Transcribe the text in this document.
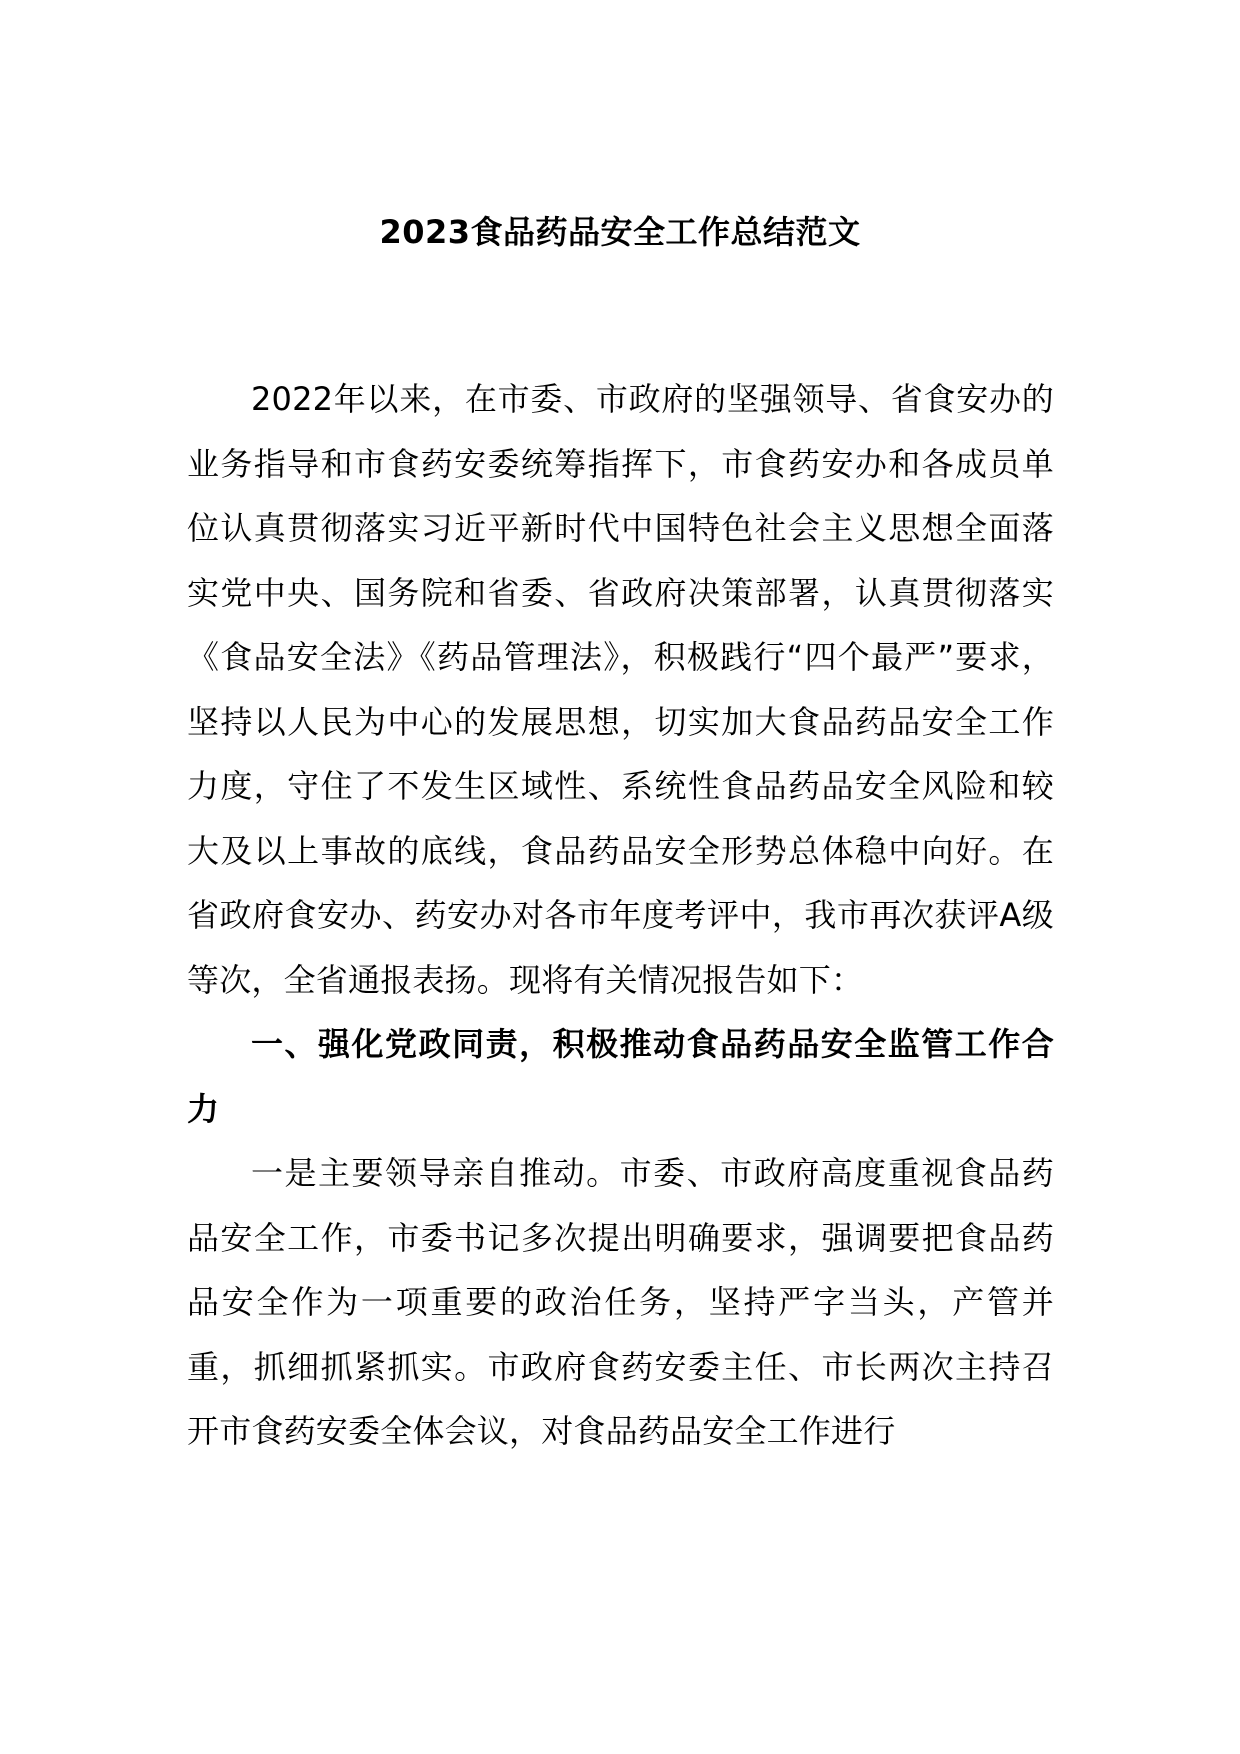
2023食品药品安全工作总结范文

2022年以来，在市委、市政府的坚强领导、省食安办的业务指导和市食药安委统筹指挥下，市食药安办和各成员单位认真贯彻落实习近平新时代中国特色社会主义思想全面落实党中央、国务院和省委、省政府决策部署，认真贯彻落实《食品安全法》《药品管理法》，积极践行“四个最严”要求，坚持以人民为中心的发展思想，切实加大食品药品安全工作力度，守住了不发生区域性、系统性食品药品安全风险和较大及以上事故的底线，食品药品安全形势总体稳中向好。在省政府食安办、药安办对各市年度考评中，我市再次获评A级等次，全省通报表扬。现将有关情况报告如下：

一、强化党政同责，积极推动食品药品安全监管工作合力

一是主要领导亲自推动。市委、市政府高度重视食品药品安全工作，市委书记多次提出明确要求，强调要把食品药品安全作为一项重要的政治任务，坚持严字当头，产管并重，抓细抓紧抓实。市政府食药安委主任、市长两次主持召开市食药安委全体会议，对食品药品安全工作进行
